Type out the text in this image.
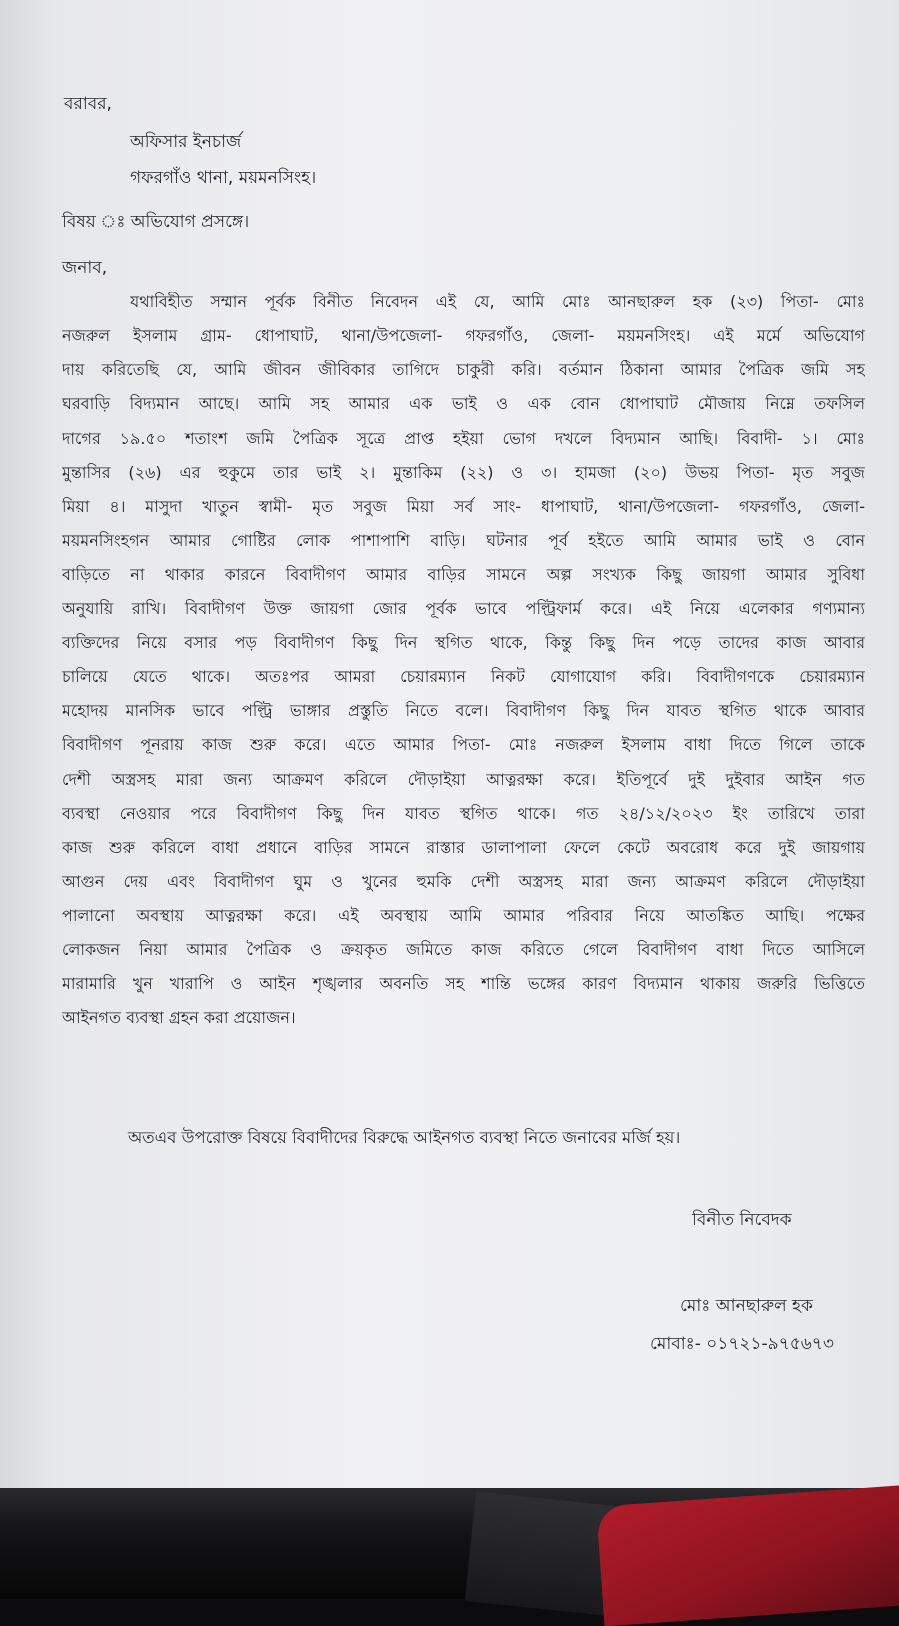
বরাবর,
অফিসার ইনচার্জ
গফরগাঁও থানা, ময়মনসিংহ।
বিষয় ঃ অভিযোগ প্রসঙ্গে।
জনাব,
যথাবিহীত সম্মান পূর্বক বিনীত নিবেদন এই যে, আমি মোঃ আনছারুল হক (২৩) পিতা- মোঃ
নজরুল ইসলাম গ্রাম- ধোপাঘাট, থানা/উপজেলা- গফরগাঁও, জেলা- ময়মনসিংহ। এই মর্মে অভিযোগ
দায় করিতেছি যে, আমি জীবন জীবিকার তাগিদে চাকুরী করি। বর্তমান ঠিকানা আমার পৈত্রিক জমি সহ
ঘরবাড়ি বিদ্যমান আছে। আমি সহ আমার এক ভাই ও এক বোন ধোপাঘাট মৌজায় নিম্নে তফসিল
দাগের ১৯.৫০ শতাংশ জমি পৈত্রিক সূত্রে প্রাপ্ত হইয়া ভোগ দখলে বিদ্যমান আছি। বিবাদী- ১। মোঃ
মুন্তাসির (২৬) এর হুকুমে তার ভাই ২। মুন্তাকিম (২২) ও ৩। হামজা (২০) উভয় পিতা- মৃত সবুজ
মিয়া ৪। মাসুদা খাতুন স্বামী- মৃত সবুজ মিয়া সর্ব সাং- ধাপাঘাট, থানা/উপজেলা- গফরগাঁও, জেলা-
ময়মনসিংহগন আমার গোষ্টির লোক পাশাপাশি বাড়ি। ঘটনার পূর্ব হইতে আমি আমার ভাই ও বোন
বাড়িতে না থাকার কারনে বিবাদীগণ আমার বাড়ির সামনে অল্প সংখ্যক কিছু জায়গা আমার সুবিধা
অনুযায়ি রাখি। বিবাদীগণ উক্ত জায়গা জোর পূর্বক ভাবে পল্ট্রিফার্ম করে। এই নিয়ে এলেকার গণ্যমান্য
ব্যক্তিদের নিয়ে বসার পড় বিবাদীগণ কিছু দিন স্থগিত থাকে, কিন্তু কিছু দিন পড়ে তাদের কাজ আবার
চালিয়ে যেতে থাকে। অতঃপর আমরা চেয়ারম্যান নিকট যোগাযোগ করি। বিবাদীগণকে চেয়ারম্যান
মহোদয় মানসিক ভাবে পল্ট্রি ভাঙ্গার প্রস্তুতি নিতে বলে। বিবাদীগণ কিছু দিন যাবত স্থগিত থাকে আবার
বিবাদীগণ পূনরায় কাজ শুরু করে। এতে আমার পিতা- মোঃ নজরুল ইসলাম বাধা দিতে গিলে তাকে
দেশী অস্ত্রসহ মারা জন্য আক্রমণ করিলে দৌড়াইয়া আত্নরক্ষা করে। ইতিপূর্বে দুই দুইবার আইন গত
ব্যবস্থা নেওয়ার পরে বিবাদীগণ কিছু দিন যাবত স্থগিত থাকে। গত ২৪/১২/২০২৩ ইং তারিখে তারা
কাজ শুরু করিলে বাধা প্রধানে বাড়ির সামনে রাস্তার ডালাপালা ফেলে কেটে অবরোধ করে দুই জায়গায়
আগুন দেয় এবং বিবাদীগণ ঘুম ও খুনের হুমকি দেশী অস্ত্রসহ মারা জন্য আক্রমণ করিলে দৌড়াইয়া
পালানো অবস্থায় আত্নরক্ষা করে। এই অবস্থায় আমি আমার পরিবার নিয়ে আতঙ্কিত আছি। পক্ষের
লোকজন নিয়া আমার পৈত্রিক ও ক্রয়কৃত জমিতে কাজ করিতে গেলে বিবাদীগণ বাধা দিতে আসিলে
মারামারি খুন খারাপি ও আইন শৃঙ্খলার অবনতি সহ শান্তি ভঙ্গের কারণ বিদ্যমান থাকায় জরুরি ভিত্তিতে
আইনগত ব্যবস্থা গ্রহন করা প্রয়োজন।
অতএব উপরোক্ত বিষয়ে বিবাদীদের বিরুদ্ধে আইনগত ব্যবস্থা নিতে জনাবের মর্জি হয়।
বিনীত নিবেদক
মোঃ আনছারুল হক
মোবাঃ- ০১৭২১-৯৭৫৬৭৩
